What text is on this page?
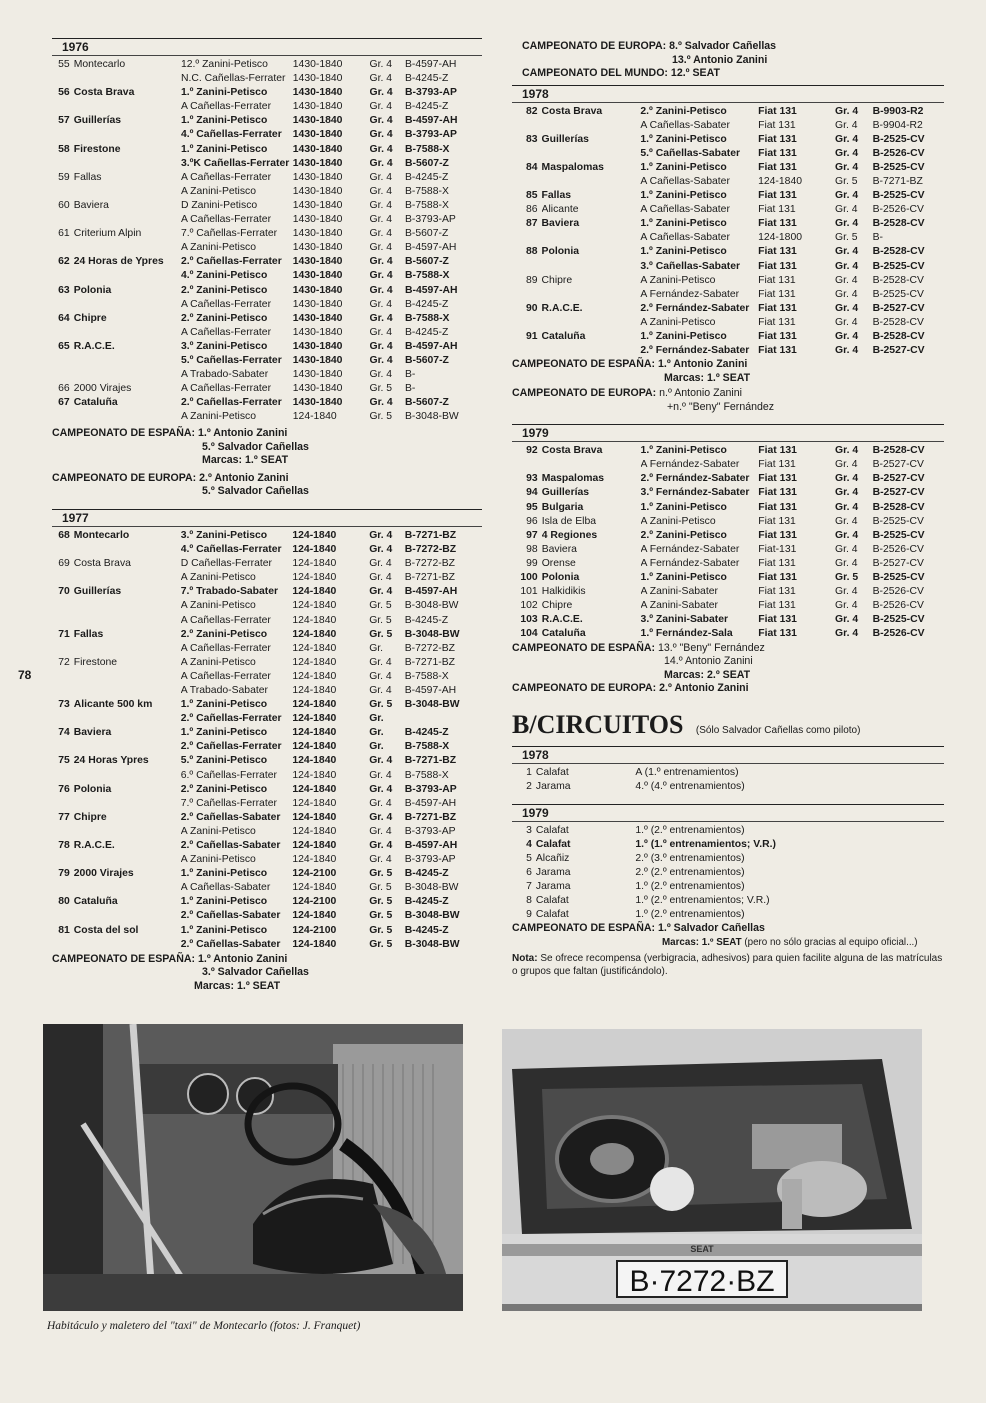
78
1976
55	Montecarlo	12.º Zanini-Petisco	1430-1840	Gr. 4	B-4597-AH
		N.C. Cañellas-Ferrater	1430-1840	Gr. 4	B-4245-Z
56	Costa Brava	1.º Zanini-Petisco	1430-1840	Gr. 4	B-3793-AP
		A Cañellas-Ferrater	1430-1840	Gr. 4	B-4245-Z
57	Guillerías	1.º Zanini-Petisco	1430-1840	Gr. 4	B-4597-AH
		4.º Cañellas-Ferrater	1430-1840	Gr. 4	B-3793-AP
58	Firestone	1.º Zanini-Petisco	1430-1840	Gr. 4	B-7588-X
		3.ºK Cañellas-Ferrater	1430-1840	Gr. 4	B-5607-Z
59	Fallas	A Cañellas-Ferrater	1430-1840	Gr. 4	B-4245-Z
		A Zanini-Petisco	1430-1840	Gr. 4	B-7588-X
60	Baviera	D Zanini-Petisco	1430-1840	Gr. 4	B-7588-X
		A Cañellas-Ferrater	1430-1840	Gr. 4	B-3793-AP
61	Criterium Alpin	7.º Cañellas-Ferrater	1430-1840	Gr. 4	B-5607-Z
		A Zanini-Petisco	1430-1840	Gr. 4	B-4597-AH
62	24 Horas de Ypres	2.º Cañellas-Ferrater	1430-1840	Gr. 4	B-5607-Z
		4.º Zanini-Petisco	1430-1840	Gr. 4	B-7588-X
63	Polonia	2.º Zanini-Petisco	1430-1840	Gr. 4	B-4597-AH
		A Cañellas-Ferrater	1430-1840	Gr. 4	B-4245-Z
64	Chipre	2.º Zanini-Petisco	1430-1840	Gr. 4	B-7588-X
		A Cañellas-Ferrater	1430-1840	Gr. 4	B-4245-Z
65	R.A.C.E.	3.º Zanini-Petisco	1430-1840	Gr. 4	B-4597-AH
		5.º Cañellas-Ferrater	1430-1840	Gr. 4	B-5607-Z
		A Trabado-Sabater	1430-1840	Gr. 4	B-
66	2000 Virajes	A Cañellas-Ferrater	1430-1840	Gr. 5	B-
67	Cataluña	2.º Cañellas-Ferrater	1430-1840	Gr. 4	B-5607-Z
		A Zanini-Petisco	124-1840	Gr. 5	B-3048-BW
CAMPEONATO DE ESPAÑA: 1.º Antonio Zanini
5.º Salvador Cañellas
Marcas: 1.º SEAT
CAMPEONATO DE EUROPA: 2.º Antonio Zanini
5.º Salvador Cañellas
1977
68	Montecarlo	3.º Zanini-Petisco	124-1840	Gr. 4	B-7271-BZ
		4.º Cañellas-Ferrater	124-1840	Gr. 4	B-7272-BZ
69	Costa Brava	D Cañellas-Ferrater	124-1840	Gr. 4	B-7272-BZ
		A Zanini-Petisco	124-1840	Gr. 4	B-7271-BZ
70	Guillerías	7.º Trabado-Sabater	124-1840	Gr. 4	B-4597-AH
		A Zanini-Petisco	124-1840	Gr. 5	B-3048-BW
		A Cañellas-Ferrater	124-1840	Gr. 5	B-4245-Z
71	Fallas	2.º Zanini-Petisco	124-1840	Gr. 5	B-3048-BW
		A Cañellas-Ferrater	124-1840	Gr.	B-7272-BZ
72	Firestone	A Zanini-Petisco	124-1840	Gr. 4	B-7271-BZ
		A Cañellas-Ferrater	124-1840	Gr. 4	B-7588-X
		A Trabado-Sabater	124-1840	Gr. 4	B-4597-AH
73	Alicante 500 km	1.º Zanini-Petisco	124-1840	Gr. 5	B-3048-BW
		2.º Cañellas-Ferrater	124-1840	Gr.	
74	Baviera	1.º Zanini-Petisco	124-1840	Gr.	B-4245-Z
		2.º Cañellas-Ferrater	124-1840	Gr.	B-7588-X
75	24 Horas Ypres	5.º Zanini-Petisco	124-1840	Gr. 4	B-7271-BZ
		6.º Cañellas-Ferrater	124-1840	Gr. 4	B-7588-X
76	Polonia	2.º Zanini-Petisco	124-1840	Gr. 4	B-3793-AP
		7.º Cañellas-Ferrater	124-1840	Gr. 4	B-4597-AH
77	Chipre	2.º Cañellas-Sabater	124-1840	Gr. 4	B-7271-BZ
		A Zanini-Petisco	124-1840	Gr. 4	B-3793-AP
78	R.A.C.E.	2.º Cañellas-Sabater	124-1840	Gr. 4	B-4597-AH
		A Zanini-Petisco	124-1840	Gr. 4	B-3793-AP
79	2000 Virajes	1.º Zanini-Petisco	124-2100	Gr. 5	B-4245-Z
		A Cañellas-Sabater	124-1840	Gr. 5	B-3048-BW
80	Cataluña	1.º Zanini-Petisco	124-2100	Gr. 5	B-4245-Z
		2.º Cañellas-Sabater	124-1840	Gr. 5	B-3048-BW
81	Costa del sol	1.º Zanini-Petisco	124-2100	Gr. 5	B-4245-Z
		2.º Cañellas-Sabater	124-1840	Gr. 5	B-3048-BW
CAMPEONATO DE ESPAÑA: 1.º Antonio Zanini
3.º Salvador Cañellas
Marcas: 1.º SEAT
CAMPEONATO DE EUROPA: 8.º Salvador Cañellas
13.º Antonio Zanini
CAMPEONATO DEL MUNDO: 12.º SEAT
1978
82	Costa Brava	2.º Zanini-Petisco	Fiat 131	Gr. 4	B-9903-R2
		A Cañellas-Sabater	Fiat 131	Gr. 4	B-9904-R2
83	Guillerías	1.º Zanini-Petisco	Fiat 131	Gr. 4	B-2525-CV
		5.º Cañellas-Sabater	Fiat 131	Gr. 4	B-2526-CV
84	Maspalomas	1.º Zanini-Petisco	Fiat 131	Gr. 4	B-2525-CV
		A Cañellas-Sabater	124-1840	Gr. 5	B-7271-BZ
85	Fallas	1.º Zanini-Petisco	Fiat 131	Gr. 4	B-2525-CV
86	Alicante	A Cañellas-Sabater	Fiat 131	Gr. 4	B-2526-CV
87	Baviera	1.º Zanini-Petisco	Fiat 131	Gr. 4	B-2528-CV
		A Cañellas-Sabater	124-1800	Gr. 5	B-
88	Polonia	1.º Zanini-Petisco	Fiat 131	Gr. 4	B-2528-CV
		3.º Cañellas-Sabater	Fiat 131	Gr. 4	B-2525-CV
89	Chipre	A Zanini-Petisco	Fiat 131	Gr. 4	B-2528-CV
		A Fernández-Sabater	Fiat 131	Gr. 4	B-2525-CV
90	R.A.C.E.	2.º Fernández-Sabater	Fiat 131	Gr. 4	B-2527-CV
		A Zanini-Petisco	Fiat 131	Gr. 4	B-2528-CV
91	Cataluña	1.º Zanini-Petisco	Fiat 131	Gr. 4	B-2528-CV
		2.º Fernández-Sabater	Fiat 131	Gr. 4	B-2527-CV
CAMPEONATO DE ESPAÑA: 1.º Antonio Zanini
Marcas: 1.º SEAT
CAMPEONATO DE EUROPA: n.º Antonio Zanini
+n.º "Beny" Fernández
1979
92	Costa Brava	1.º Zanini-Petisco	Fiat 131	Gr. 4	B-2528-CV
		A Fernández-Sabater	Fiat 131	Gr. 4	B-2527-CV
93	Maspalomas	2.º Fernández-Sabater	Fiat 131	Gr. 4	B-2527-CV
94	Guillerías	3.º Fernández-Sabater	Fiat 131	Gr. 4	B-2527-CV
95	Bulgaria	1.º Zanini-Petisco	Fiat 131	Gr. 4	B-2528-CV
96	Isla de Elba	A Zanini-Petisco	Fiat 131	Gr. 4	B-2525-CV
97	4 Regiones	2.º Zanini-Petisco	Fiat 131	Gr. 4	B-2525-CV
98	Baviera	A Fernández-Sabater	Fiat-131	Gr. 4	B-2526-CV
99	Orense	A Fernández-Sabater	Fiat 131	Gr. 4	B-2527-CV
100	Polonia	1.º Zanini-Petisco	Fiat 131	Gr. 5	B-2525-CV
101	Halkidikis	A Zanini-Sabater	Fiat 131	Gr. 4	B-2526-CV
102	Chipre	A Zanini-Sabater	Fiat 131	Gr. 4	B-2526-CV
103	R.A.C.E.	3.º Zanini-Sabater	Fiat 131	Gr. 4	B-2525-CV
104	Cataluña	1.º Fernández-Sala	Fiat 131	Gr. 4	B-2526-CV
CAMPEONATO DE ESPAÑA: 13.º "Beny" Fernández
14.º Antonio Zanini
Marcas: 2.º SEAT
CAMPEONATO DE EUROPA: 2.º Antonio Zanini
B/CIRCUITOS (Sólo Salvador Cañellas como piloto)
1978
1	Calafat	A (1.º entrenamientos)
2	Jarama	4.º (4.º entrenamientos)
1979
3	Calafat	1.º (2.º entrenamientos)
4	Calafat	1.º (1.º entrenamientos; V.R.)
5	Alcañiz	2.º (3.º entrenamientos)
6	Jarama	2.º (2.º entrenamientos)
7	Jarama	1.º (2.º entrenamientos)
8	Calafat	1.º (2.º entrenamientos; V.R.)
9	Calafat	1.º (2.º entrenamientos)
CAMPEONATO DE ESPAÑA: 1.º Salvador Cañellas
Marcas: 1.º SEAT (pero no sólo gracias al equipo oficial...)
Nota: Se ofrece recompensa (verbigracia, adhesivos) para quien facilite alguna de las matrículas o grupos que faltan (justificándolo).
B·7272·BZ
SEAT
Habitáculo y maletero del "taxi" de Montecarlo (fotos: J. Franquet)
